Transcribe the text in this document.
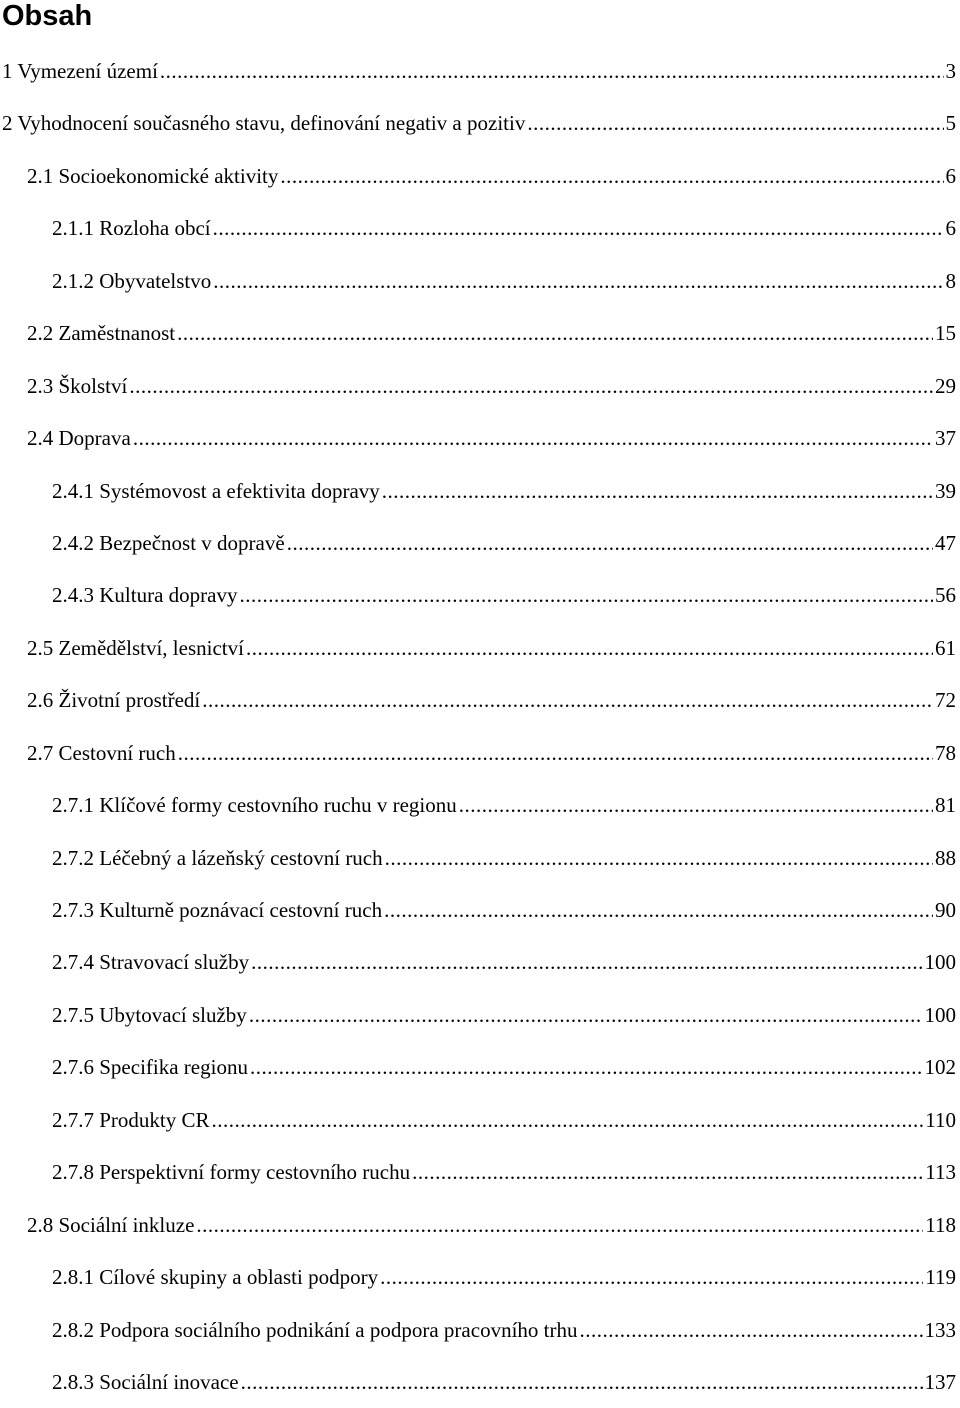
Obsah
1 Vymezení území .....	3
2 Vyhodnocení současného stavu, definování negativ a pozitiv .....	5
2.1 Socioekonomické aktivity .....	6
2.1.1 Rozloha obcí .....	6
2.1.2 Obyvatelstvo .....	8
2.2 Zaměstnanost .....	15
2.3 Školství .....	29
2.4 Doprava .....	37
2.4.1 Systémovost a efektivita dopravy .....	39
2.4.2 Bezpečnost v dopravě .....	47
2.4.3 Kultura dopravy .....	56
2.5 Zemědělství, lesnictví .....	61
2.6 Životní prostředí .....	72
2.7 Cestovní ruch .....	78
2.7.1 Klíčové formy cestovního ruchu v regionu .....	81
2.7.2 Léčebný a lázeňský cestovní ruch .....	88
2.7.3 Kulturně poznávací cestovní ruch .....	90
2.7.4 Stravovací služby .....	100
2.7.5 Ubytovací služby .....	100
2.7.6 Specifika regionu .....	102
2.7.7 Produkty CR .....	110
2.7.8 Perspektivní formy cestovního ruchu .....	113
2.8 Sociální inkluze .....	118
2.8.1 Cílové skupiny a oblasti podpory .....	119
2.8.2 Podpora sociálního podnikání a podpora pracovního trhu .....	133
2.8.3 Sociální inovace .....	137
